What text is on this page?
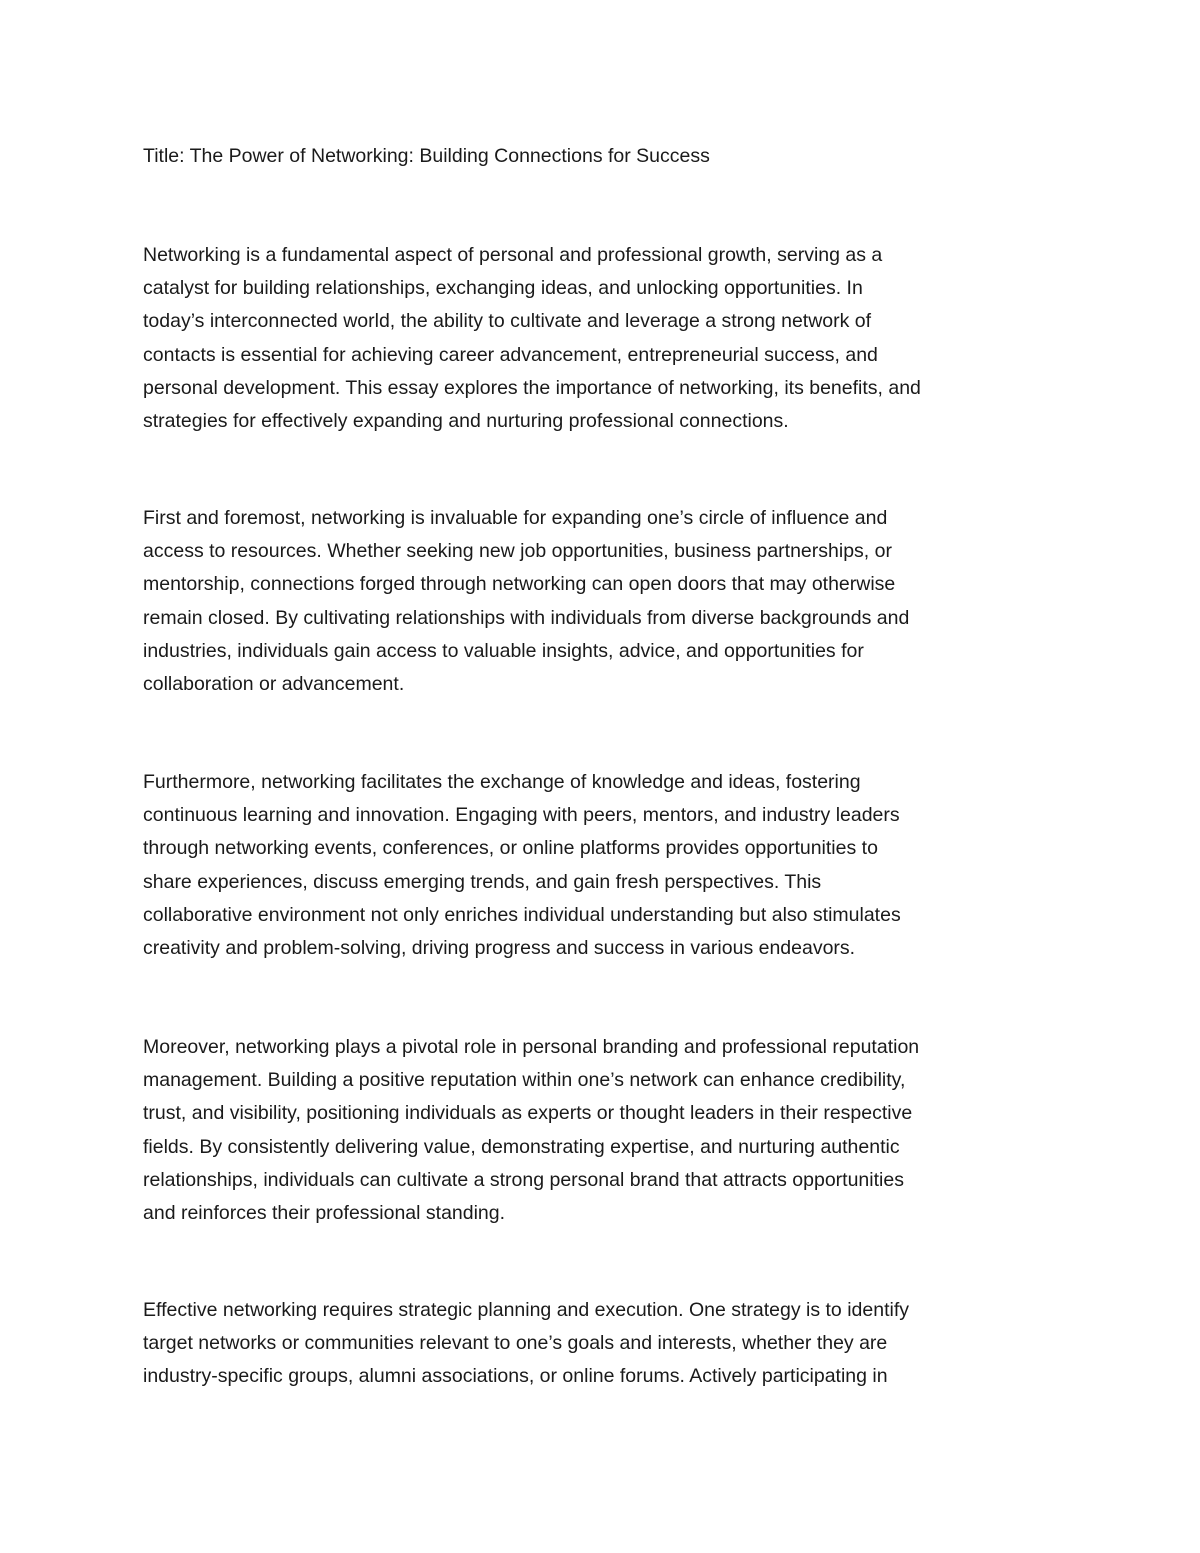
Title: The Power of Networking: Building Connections for Success

Networking is a fundamental aspect of personal and professional growth, serving as a
catalyst for building relationships, exchanging ideas, and unlocking opportunities. In
today’s interconnected world, the ability to cultivate and leverage a strong network of
contacts is essential for achieving career advancement, entrepreneurial success, and
personal development. This essay explores the importance of networking, its benefits, and
strategies for effectively expanding and nurturing professional connections.

First and foremost, networking is invaluable for expanding one’s circle of influence and
access to resources. Whether seeking new job opportunities, business partnerships, or
mentorship, connections forged through networking can open doors that may otherwise
remain closed. By cultivating relationships with individuals from diverse backgrounds and
industries, individuals gain access to valuable insights, advice, and opportunities for
collaboration or advancement.

Furthermore, networking facilitates the exchange of knowledge and ideas, fostering
continuous learning and innovation. Engaging with peers, mentors, and industry leaders
through networking events, conferences, or online platforms provides opportunities to
share experiences, discuss emerging trends, and gain fresh perspectives. This
collaborative environment not only enriches individual understanding but also stimulates
creativity and problem-solving, driving progress and success in various endeavors.

Moreover, networking plays a pivotal role in personal branding and professional reputation
management. Building a positive reputation within one’s network can enhance credibility,
trust, and visibility, positioning individuals as experts or thought leaders in their respective
fields. By consistently delivering value, demonstrating expertise, and nurturing authentic
relationships, individuals can cultivate a strong personal brand that attracts opportunities
and reinforces their professional standing.

Effective networking requires strategic planning and execution. One strategy is to identify
target networks or communities relevant to one’s goals and interests, whether they are
industry-specific groups, alumni associations, or online forums. Actively participating in
